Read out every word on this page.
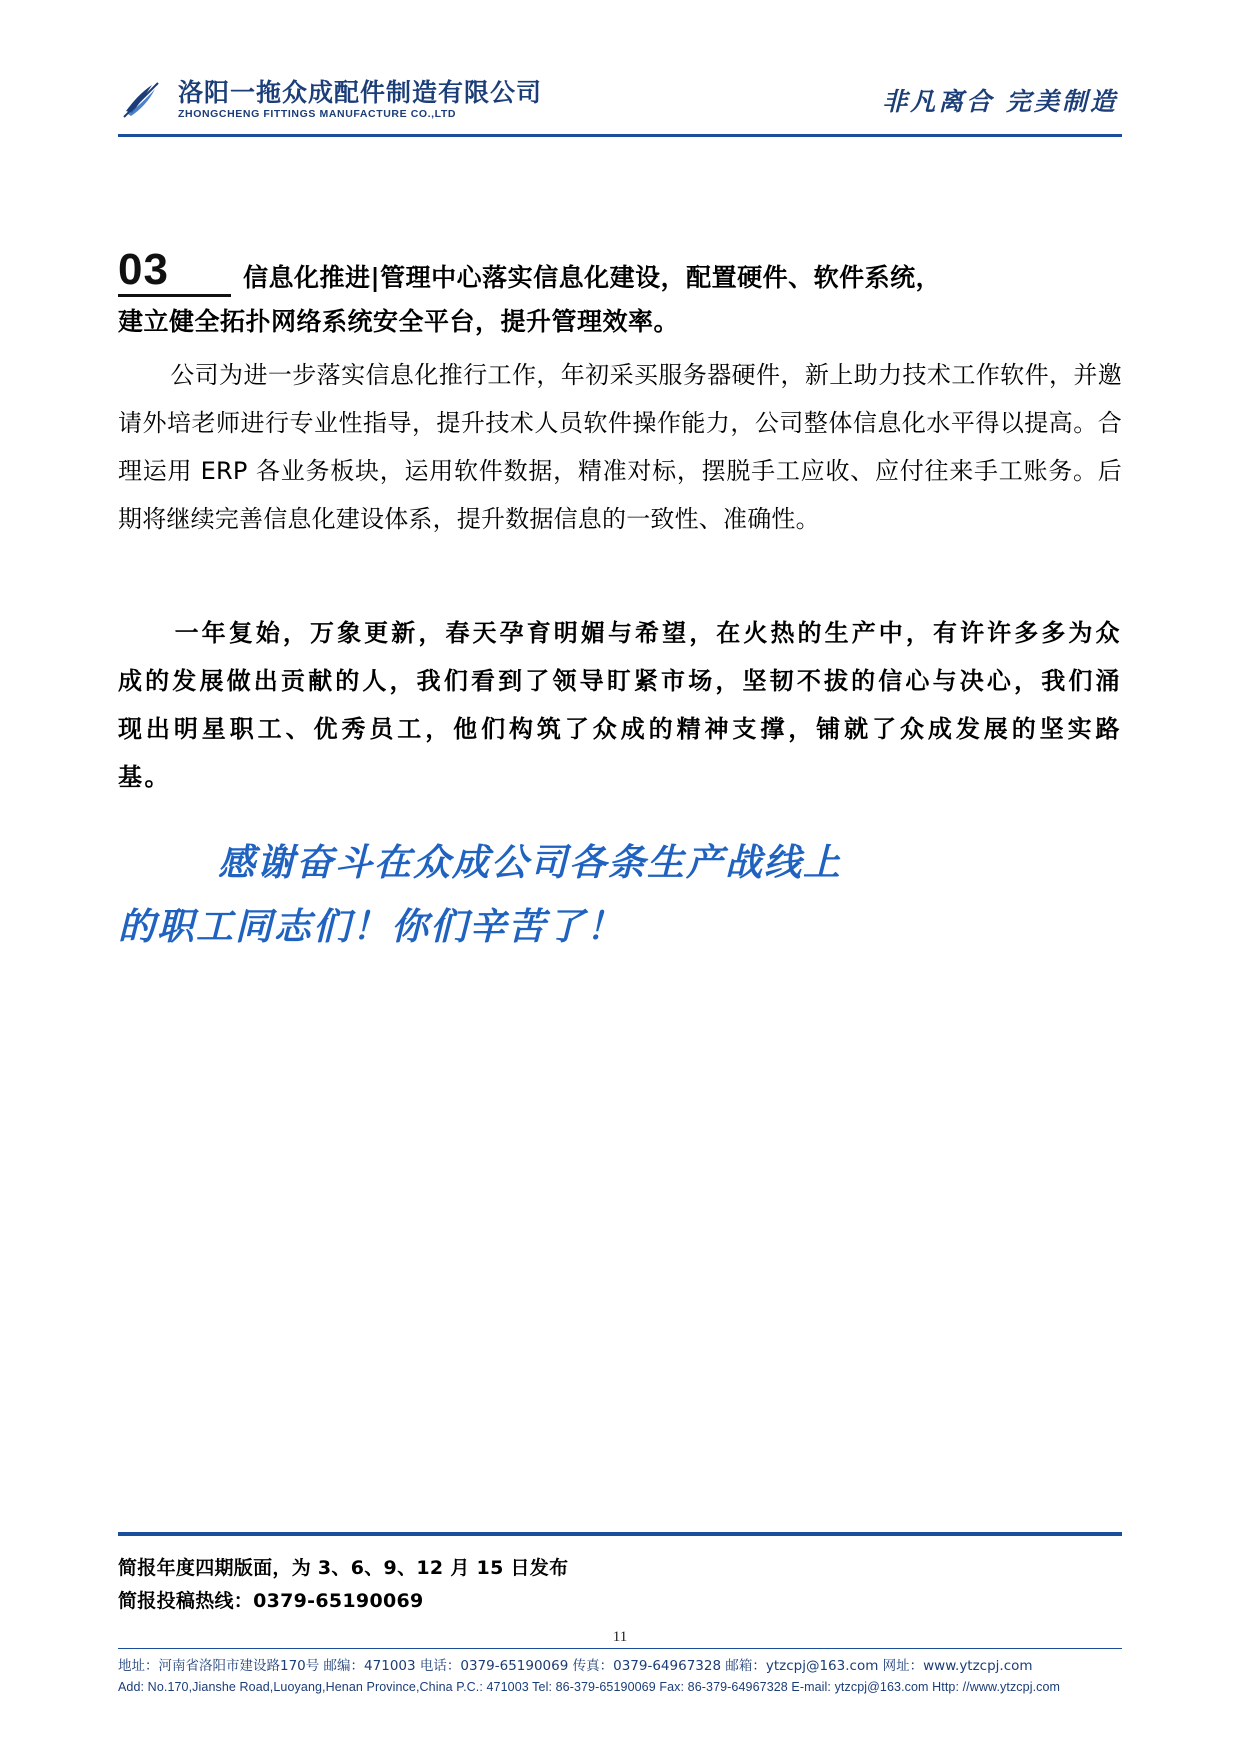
洛阳一拖众成配件制造有限公司
ZHONGCHENG FITTINGS MANUFACTURE CO.,LTD	非凡离合 完美制造
03	信息化推进|管理中心落实信息化建设，配置硬件、软件系统，
建立健全拓扑网络系统安全平台，提升管理效率。
公司为进一步落实信息化推行工作，年初采买服务器硬件，新上助力技术工作软件，并邀请外培老师进行专业性指导，提升技术人员软件操作能力，公司整体信息化水平得以提高。合理运用 ERP 各业务板块，运用软件数据，精准对标，摆脱手工应收、应付往来手工账务。后期将继续完善信息化建设体系，提升数据信息的一致性、准确性。
一年复始，万象更新，春天孕育明媚与希望，在火热的生产中，有许许多多为众成的发展做出贡献的人，我们看到了领导盯紧市场，坚韧不拔的信心与决心，我们涌现出明星职工、优秀员工，他们构筑了众成的精神支撑，铺就了众成发展的坚实路基。
感谢奋斗在众成公司各条生产战线上
的职工同志们！你们辛苦了！
简报年度四期版面，为 3、6、9、12 月 15 日发布
简报投稿热线：0379-65190069
11
地址：河南省洛阳市建设路170号 邮编：471003 电话：0379-65190069 传真：0379-64967328 邮箱：ytzcpj@163.com 网址：www.ytzcpj.com
Add: No.170,Jianshe Road,Luoyang,Henan Province,China P.C.: 471003 Tel: 86-379-65190069 Fax: 86-379-64967328 E-mail: ytzcpj@163.com Http: //www.ytzcpj.com
